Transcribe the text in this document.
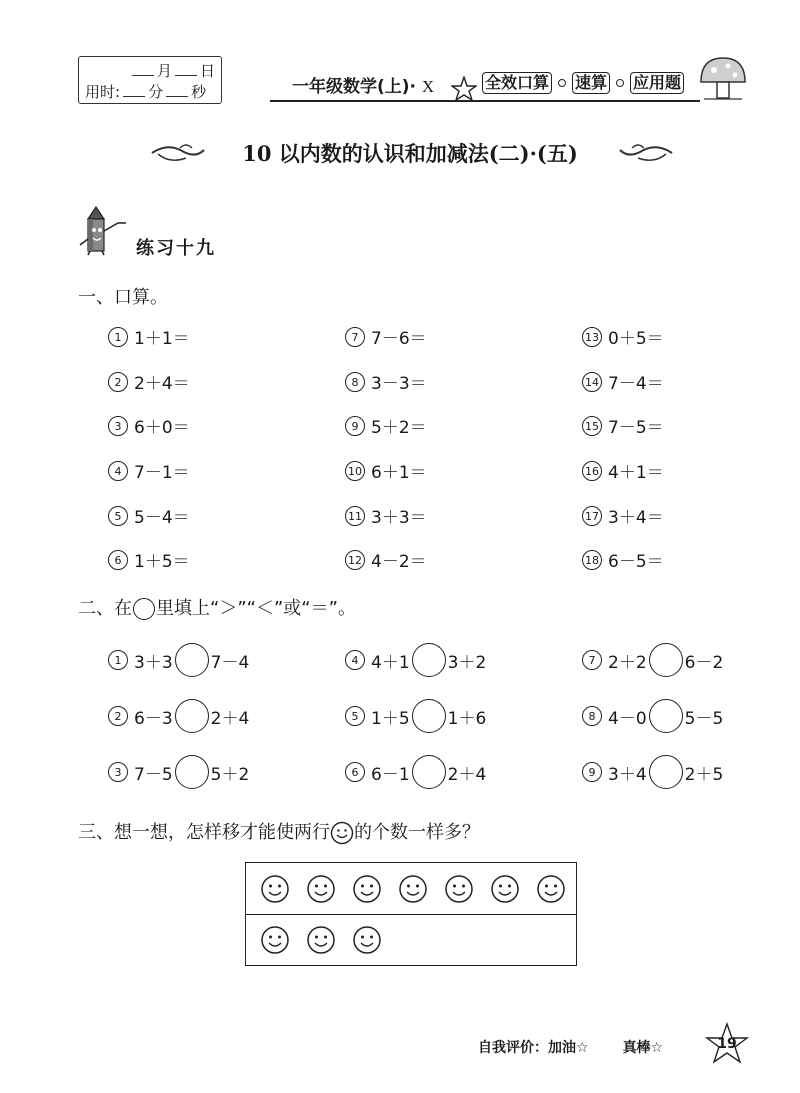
月 日
用时: 分 秒	一年级数学(上)· X	全效口算 速算 应用题
10 以内数的认识和加减法(二)·(五)
练习十九
一、口算。
1 1＋1＝
2 2＋4＝
3 6＋0＝
4 7－1＝
5 5－4＝
6 1＋5＝
7 7－6＝
8 3－3＝
9 5＋2＝
10 6＋1＝
11 3＋3＝
12 4－2＝
13 0＋5＝
14 7－4＝
15 7－5＝
16 4＋1＝
17 3＋4＝
18 6－5＝
二、在 里填上“＞”“＜”或“＝”。
1 3＋3 7－4
2 6－3 2＋4
3 7－5 5＋2
4 4＋1 3＋2
5 1＋5 1＋6
6 6－1 2＋4
7 2＋2 6－2
8 4－0 5－5
9 3＋4 2＋5
三、想一想，怎样移才能使两行 的个数一样多？
自我评价：加油☆ 真棒☆	19
